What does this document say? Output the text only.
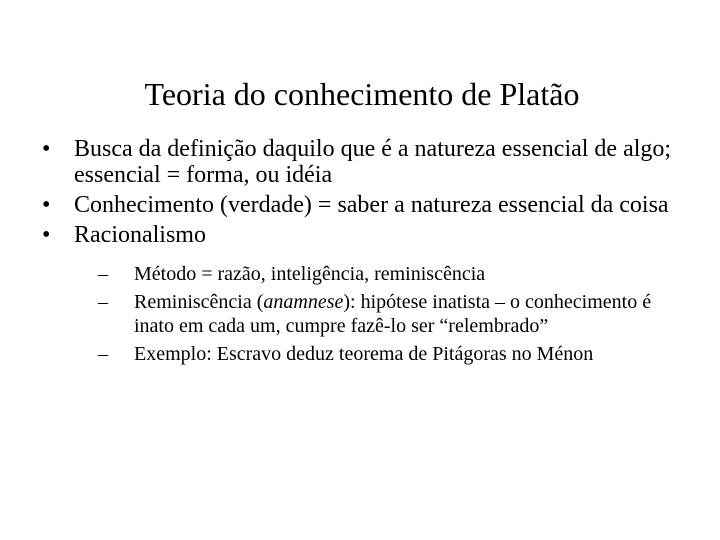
Teoria do conhecimento de Platão
• Busca da definição daquilo que é a natureza essencial de algo; essencial = forma, ou idéia
• Conhecimento (verdade) = saber a natureza essencial da coisa
• Racionalismo
– Método = razão, inteligência, reminiscência
– Reminiscência (anamnese): hipótese inatista – o conhecimento é inato em cada um, cumpre fazê-lo ser “relembrado”
– Exemplo: Escravo deduz teorema de Pitágoras no Ménon
